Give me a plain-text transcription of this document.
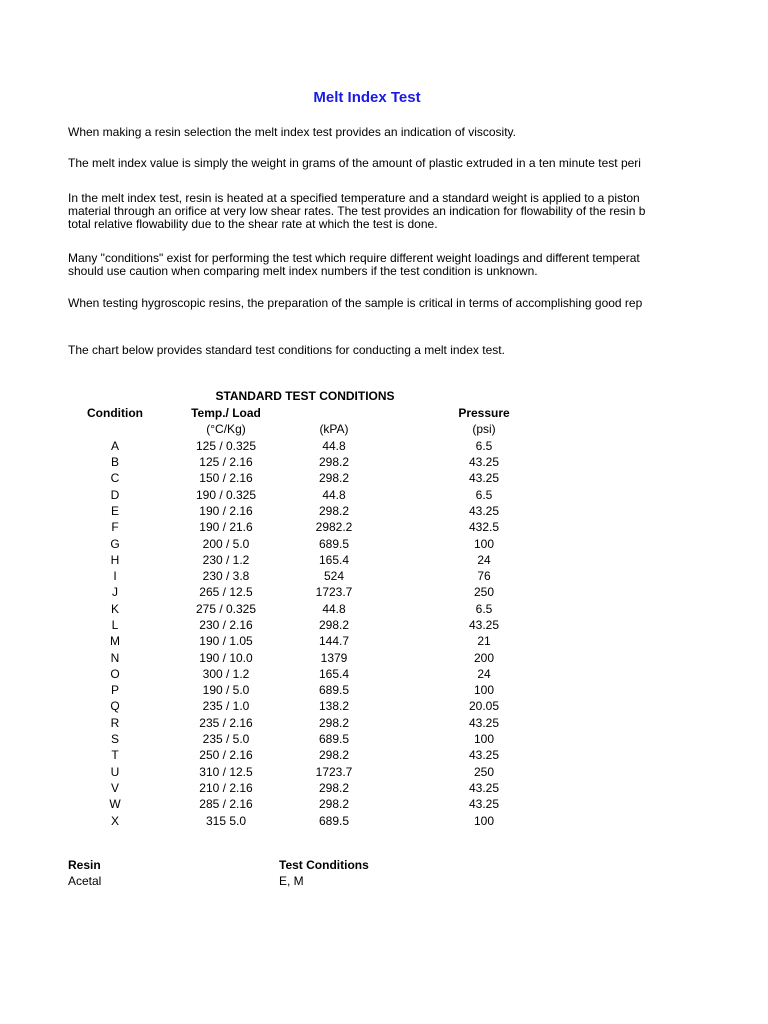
Melt Index Test
When making a resin selection the melt index test provides an indication of viscosity.
The melt index value is simply the weight in grams of the amount of plastic extruded in a ten minute test peri
In the melt index test, resin is heated at a specified temperature and a standard weight is applied to a piston
material through an orifice at very low shear rates. The test provides an indication for flowability of the resin b
total relative flowability due to the shear rate at which the test is done.
Many "conditions" exist for performing the test which require different weight loadings and different temperat
should use caution when comparing melt index numbers if the test condition is unknown.
When testing hygroscopic resins, the preparation of the sample is critical in terms of accomplishing good rep
The chart below provides standard test conditions for conducting a melt index test.
STANDARD TEST CONDITIONS
Condition	Temp./ Load			Pressure
	(°C/Kg)	(kPA)		(psi)
A	125 / 0.325	44.8		6.5
B	125 / 2.16	298.2		43.25
C	150 / 2.16	298.2		43.25
D	190 / 0.325	44.8		6.5
E	190 / 2.16	298.2		43.25
F	190 / 21.6	2982.2		432.5
G	200 / 5.0	689.5		100
H	230 / 1.2	165.4		24
I	230 / 3.8	524		76
J	265 / 12.5	1723.7		250
K	275 / 0.325	44.8		6.5
L	230 / 2.16	298.2		43.25
M	190 / 1.05	144.7		21
N	190 / 10.0	1379		200
O	300 / 1.2	165.4		24
P	190 / 5.0	689.5		100
Q	235 / 1.0	138.2		20.05
R	235 / 2.16	298.2		43.25
S	235 / 5.0	689.5		100
T	250 / 2.16	298.2		43.25
U	310 / 12.5	1723.7		250
V	210 / 2.16	298.2		43.25
W	285 / 2.16	298.2		43.25
X	315 5.0	689.5		100
Resin	Test Conditions
Acetal	E, M
